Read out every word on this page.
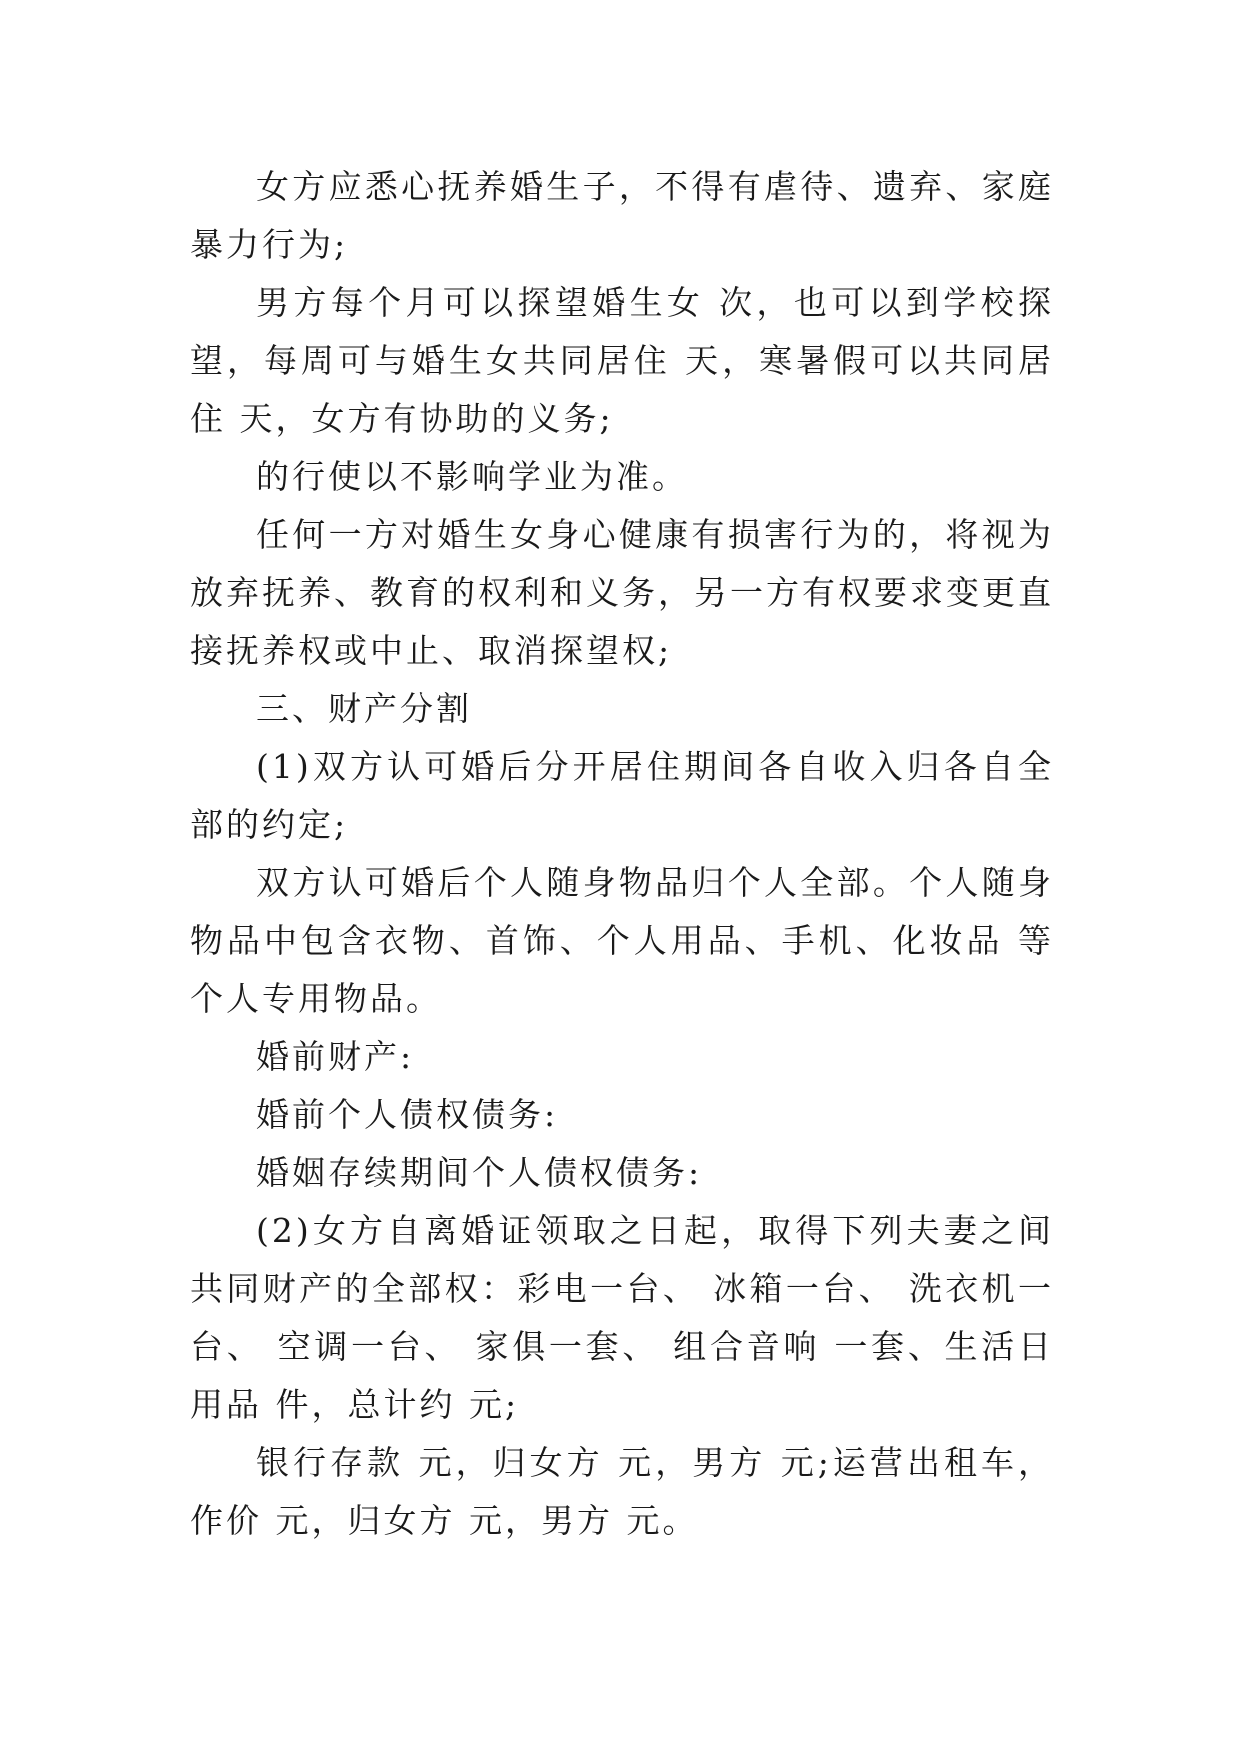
女方应悉心抚养婚生子，不得有虐待、遗弃、家庭暴力行为;

男方每个月可以探望婚生女 次，也可以到学校探望，每周可与婚生女共同居住 天，寒暑假可以共同居住 天，女方有协助的义务;

的行使以不影响学业为准。

任何一方对婚生女身心健康有损害行为的，将视为放弃抚养、教育的权利和义务，另一方有权要求变更直接抚养权或中止、取消探望权;

三、财产分割

(1)双方认可婚后分开居住期间各自收入归各自全部的约定;

双方认可婚后个人随身物品归个人全部。个人随身物品中包含衣物、首饰、个人用品、手机、化妆品 等个人专用物品。

婚前财产:

婚前个人债权债务:

婚姻存续期间个人债权债务:

(2)女方自离婚证领取之日起，取得下列夫妻之间共同财产的全部权：彩电一台、 冰箱一台、 洗衣机一台、 空调一台、 家俱一套、 组合音响 一套、生活日用品 件，总计约 元;

银行存款 元，归女方 元，男方 元;运营出租车，作价 元，归女方 元，男方 元。
